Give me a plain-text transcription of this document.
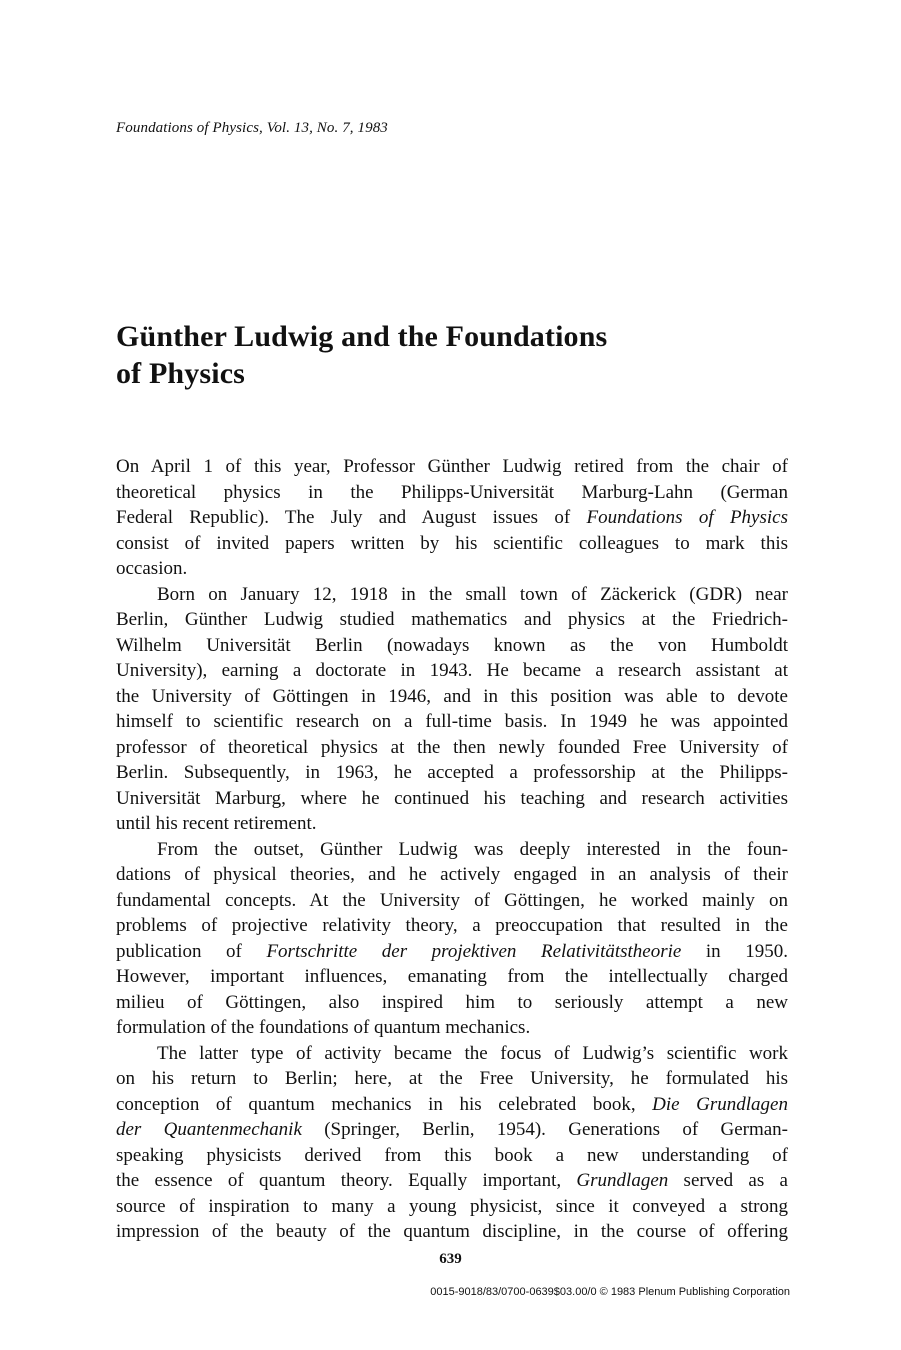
Foundations of Physics, Vol. 13, No. 7, 1983
Günther Ludwig and the Foundations
of Physics

On April 1 of this year, Professor Günther Ludwig retired from the chair of
theoretical physics in the Philipps-Universität Marburg-Lahn (German
Federal Republic). The July and August issues of Foundations of Physics
consist of invited papers written by his scientific colleagues to mark this
occasion.

Born on January 12, 1918 in the small town of Zäckerick (GDR) near
Berlin, Günther Ludwig studied mathematics and physics at the Friedrich-
Wilhelm Universität Berlin (nowadays known as the von Humboldt
University), earning a doctorate in 1943. He became a research assistant at
the University of Göttingen in 1946, and in this position was able to devote
himself to scientific research on a full-time basis. In 1949 he was appointed
professor of theoretical physics at the then newly founded Free University of
Berlin. Subsequently, in 1963, he accepted a professorship at the Philipps-
Universität Marburg, where he continued his teaching and research activities
until his recent retirement.

From the outset, Günther Ludwig was deeply interested in the foun-
dations of physical theories, and he actively engaged in an analysis of their
fundamental concepts. At the University of Göttingen, he worked mainly on
problems of projective relativity theory, a preoccupation that resulted in the
publication of Fortschritte der projektiven Relativitätstheorie in 1950.
However, important influences, emanating from the intellectually charged
milieu of Göttingen, also inspired him to seriously attempt a new
formulation of the foundations of quantum mechanics.

The latter type of activity became the focus of Ludwig’s scientific work
on his return to Berlin; here, at the Free University, he formulated his
conception of quantum mechanics in his celebrated book, Die Grundlagen
der Quantenmechanik (Springer, Berlin, 1954). Generations of German-
speaking physicists derived from this book a new understanding of
the essence of quantum theory. Equally important, Grundlagen served as a
source of inspiration to many a young physicist, since it conveyed a strong
impression of the beauty of the quantum discipline, in the course of offering

639
0015-9018/83/0700-0639$03.00/0 © 1983 Plenum Publishing Corporation
